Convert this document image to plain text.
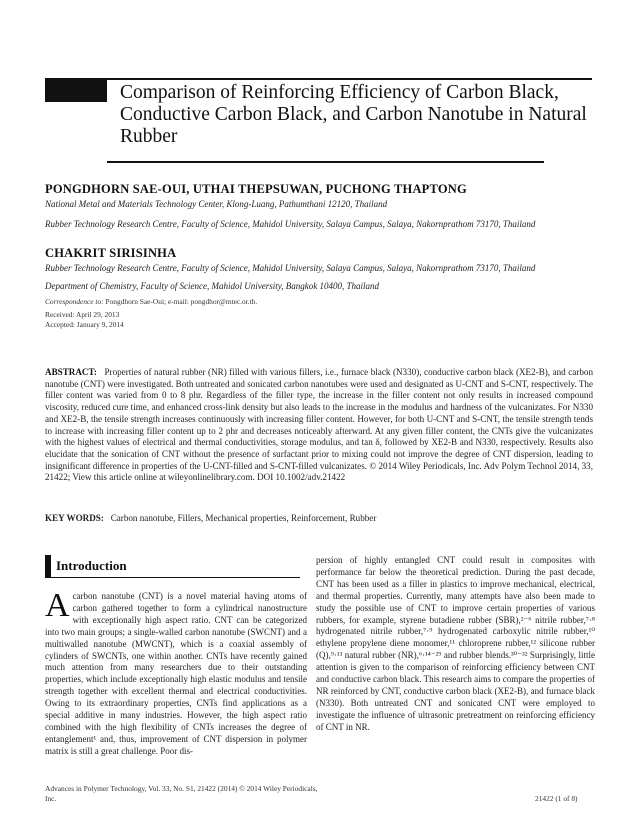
Comparison of Reinforcing Efficiency of Carbon Black, Conductive Carbon Black, and Carbon Nanotube in Natural Rubber
PONGDHORN SAE-OUI, UTHAI THEPSUWAN, PUCHONG THAPTONG
National Metal and Materials Technology Center, Klong-Luang, Pathumthani 12120, Thailand
Rubber Technology Research Centre, Faculty of Science, Mahidol University, Salaya Campus, Salaya, Nakornprathom 73170, Thailand
CHAKRIT SIRISINHA
Rubber Technology Research Centre, Faculty of Science, Mahidol University, Salaya Campus, Salaya, Nakornprathom 73170, Thailand
Department of Chemistry, Faculty of Science, Mahidol University, Bangkok 10400, Thailand
Correspondence to: Pongdhorn Sae-Oui; e-mail: pongdhor@mtec.or.th.
Received: April 29, 2013
Accepted: January 9, 2014
ABSTRACT: Properties of natural rubber (NR) filled with various fillers, i.e., furnace black (N330), conductive carbon black (XE2-B), and carbon nanotube (CNT) were investigated. Both untreated and sonicated carbon nanotubes were used and designated as U-CNT and S-CNT, respectively. The filler content was varied from 0 to 8 phr. Regardless of the filler type, the increase in the filler content not only results in increased compound viscosity, reduced cure time, and enhanced cross-link density but also leads to the increase in the modulus and hardness of the vulcanizates. For N330 and XE2-B, the tensile strength increases continuously with increasing filler content. However, for both U-CNT and S-CNT, the tensile strength tends to increase with increasing filler content up to 2 phr and decreases noticeably afterward. At any given filler content, the CNTs give the vulcanizates with the highest values of electrical and thermal conductivities, storage modulus, and tan δ, followed by XE2-B and N330, respectively. Results also elucidate that the sonication of CNT without the presence of surfactant prior to mixing could not improve the degree of CNT dispersion, leading to insignificant difference in properties of the U-CNT-filled and S-CNT-filled vulcanizates. © 2014 Wiley Periodicals, Inc. Adv Polym Technol 2014, 33, 21422; View this article online at wileyonlinelibrary.com. DOI 10.1002/adv.21422
KEY WORDS: Carbon nanotube, Fillers, Mechanical properties, Reinforcement, Rubber
Introduction
A carbon nanotube (CNT) is a novel material having atoms of carbon gathered together to form a cylindrical nanostructure with exceptionally high aspect ratio. CNT can be categorized into two main groups; a single-walled carbon nanotube (SWCNT) and a multiwalled nanotube (MWCNT), which is a coaxial assembly of cylinders of SWCNTs, one within another. CNTs have recently gained much attention from many researchers due to their outstanding properties, which include exceptionally high elastic modulus and tensile strength together with excellent thermal and electrical conductivities. Owing to its extraordinary properties, CNTs find applications as a special additive in many industries. However, the high aspect ratio combined with the high flexibility of CNTs increases the degree of entanglement¹ and, thus, improvement of CNT dispersion in polymer matrix is still a great challenge. Poor dis-
persion of highly entangled CNT could result in composites with performance far below the theoretical prediction. During the past decade, CNT has been used as a filler in plastics to improve mechanical, electrical, and thermal properties. Currently, many attempts have also been made to study the possible use of CNT to improve certain properties of various rubbers, for example, styrene butadiene rubber (SBR),²⁻⁶ nitrile rubber,⁷·⁸ hydrogenated nitrile rubber,⁷·⁹ hydrogenated carboxylic nitrile rubber,¹⁰ ethylene propylene diene monomer,¹¹ chloroprene rubber,¹² silicone rubber (Q),⁹·¹³ natural rubber (NR),⁶·¹⁴⁻²⁹ and rubber blends.³⁰⁻³² Surprisingly, little attention is given to the comparison of reinforcing efficiency between CNT and conductive carbon black. This research aims to compare the properties of NR reinforced by CNT, conductive carbon black (XE2-B), and furnace black (N330). Both untreated CNT and sonicated CNT were employed to investigate the influence of ultrasonic pretreatment on reinforcing efficiency of CNT in NR.
Advances in Polymer Technology, Vol. 33, No. S1, 21422 (2014) © 2014 Wiley Periodicals, Inc.	21422 (1 of 8)
